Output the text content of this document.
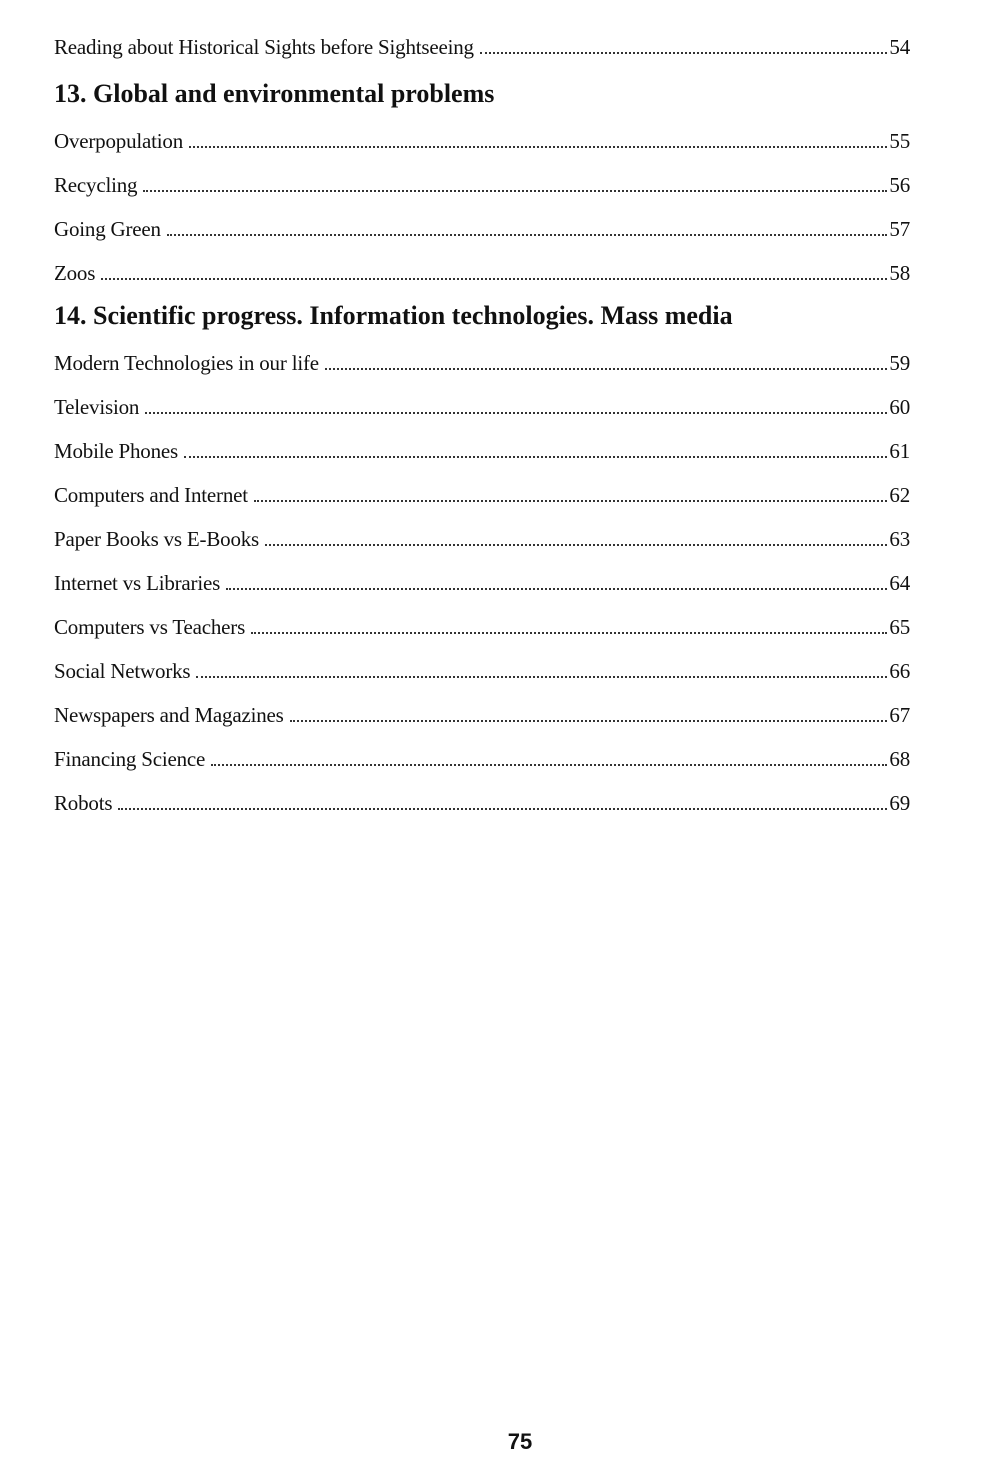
Reading about Historical Sights before Sightseeing	54
13. Global and environmental problems
Overpopulation	55
Recycling	56
Going Green	57
Zoos	58
14. Scientific progress. Information technologies. Mass media
Modern Technologies in our life	59
Television	60
Mobile Phones	61
Computers and Internet	62
Paper Books vs E-Books	63
Internet vs Libraries	64
Computers vs Teachers	65
Social Networks	66
Newspapers and Magazines	67
Financing Science	68
Robots	69
75
